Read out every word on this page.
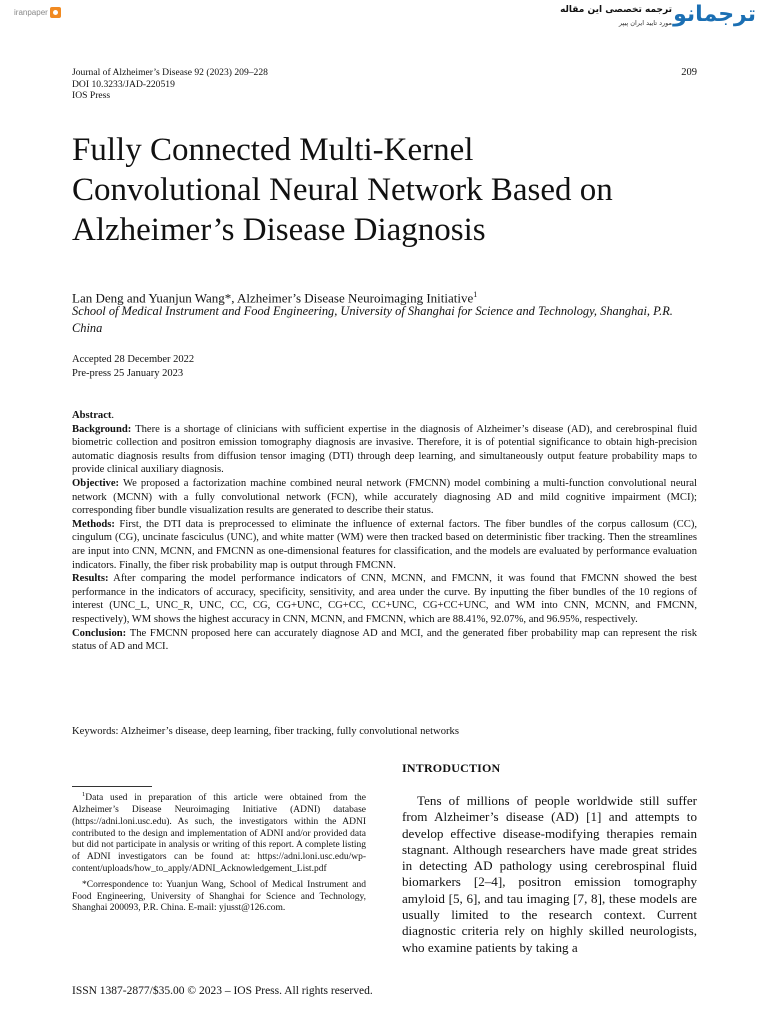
iranpaper	ترجمه تخصصی این مقاله
مورد تایید ایران پیپر ترجمانو
Journal of Alzheimer’s Disease 92 (2023) 209–228
DOI 10.3233/JAD-220519
IOS Press
209
Fully Connected Multi-Kernel
Convolutional Neural Network Based on
Alzheimer’s Disease Diagnosis
Lan Deng and Yuanjun Wang*, Alzheimer’s Disease Neuroimaging Initiative$^1$
School of Medical Instrument and Food Engineering, University of Shanghai for Science and Technology, Shanghai, P.R. China
Accepted 28 December 2022
Pre-press 25 January 2023

Abstract.

Background: There is a shortage of clinicians with sufficient expertise in the diagnosis of Alzheimer’s disease (AD), and cerebrospinal fluid biometric collection and positron emission tomography diagnosis are invasive. Therefore, it is of potential significance to obtain high-precision automatic diagnosis results from diffusion tensor imaging (DTI) through deep learning, and simultaneously output feature probability maps to provide clinical auxiliary diagnosis.

Objective: We proposed a factorization machine combined neural network (FMCNN) model combining a multi-function convolutional neural network (MCNN) with a fully convolutional network (FCN), while accurately diagnosing AD and mild cognitive impairment (MCI); corresponding fiber bundle visualization results are generated to describe their status.

Methods: First, the DTI data is preprocessed to eliminate the influence of external factors. The fiber bundles of the corpus callosum (CC), cingulum (CG), uncinate fasciculus (UNC), and white matter (WM) were then tracked based on deterministic fiber tracking. Then the streamlines are input into CNN, MCNN, and FMCNN as one-dimensional features for classification, and the models are evaluated by performance evaluation indicators. Finally, the fiber risk probability map is output through FMCNN.

Results: After comparing the model performance indicators of CNN, MCNN, and FMCNN, it was found that FMCNN showed the best performance in the indicators of accuracy, specificity, sensitivity, and area under the curve. By inputting the fiber bundles of the 10 regions of interest (UNC_L, UNC_R, UNC, CC, CG, CG+UNC, CG+CC, CC+UNC, CG+CC+UNC, and WM into CNN, MCNN, and FMCNN, respectively), WM shows the highest accuracy in CNN, MCNN, and FMCNN, which are 88.41%, 92.07%, and 96.95%, respectively.

Conclusion: The FMCNN proposed here can accurately diagnose AD and MCI, and the generated fiber probability map can represent the risk status of AD and MCI.

Keywords: Alzheimer’s disease, deep learning, fiber tracking, fully convolutional networks

$^1$Data used in preparation of this article were obtained from the Alzheimer’s Disease Neuroimaging Initiative (ADNI) database (https://adni.loni.usc.edu). As such, the investigators within the ADNI contributed to the design and implementation of ADNI and/or provided data but did not participate in analysis or writing of this report. A complete listing of ADNI investigators can be found at: https://adni.loni.usc.edu/wp-content/uploads/how_to_apply/ADNI_Acknowledgement_List.pdf

*Correspondence to: Yuanjun Wang, School of Medical Instrument and Food Engineering, University of Shanghai for Science and Technology, Shanghai 200093, P.R. China. E-mail: yjusst@126.com.

INTRODUCTION

Tens of millions of people worldwide still suffer from Alzheimer’s disease (AD) [1] and attempts to develop effective disease-modifying therapies remain stagnant. Although researchers have made great strides in detecting AD pathology using cerebrospinal fluid biomarkers [2–4], positron emission tomography amyloid [5, 6], and tau imaging [7, 8], these models are usually limited to the research context. Current diagnostic criteria rely on highly skilled neurologists, who examine patients by taking a

ISSN 1387-2877/$35.00 © 2023 – IOS Press. All rights reserved.
